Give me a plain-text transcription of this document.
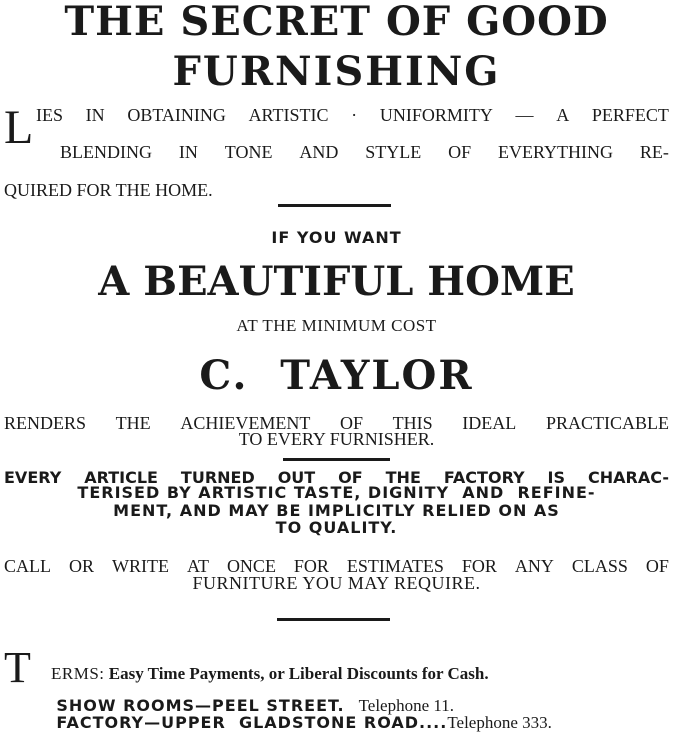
THE SECRET OF GOOD
FURNISHING
L IES IN OBTAINING ARTISTIC · UNIFORMITY — A PERFECT
BLENDING IN TONE AND STYLE OF EVERYTHING RE-
QUIRED FOR THE HOME.
IF YOU WANT
A BEAUTIFUL HOME
AT THE MINIMUM COST
C.  TAYLOR
RENDERS THE ACHIEVEMENT OF THIS IDEAL PRACTICABLE
TO EVERY FURNISHER.
EVERY ARTICLE TURNED OUT OF THE FACTORY IS CHARAC-
TERISED BY ARTISTIC TASTE, DIGNITY  AND  REFINE-
MENT, AND MAY BE IMPLICITLY RELIED ON AS
TO QUALITY.
CALL OR WRITE AT ONCE FOR ESTIMATES FOR ANY CLASS OF
FURNITURE YOU MAY REQUIRE.
T	ERMS: Easy Time Payments, or Liberal Discounts for Cash.

SHOW ROOMS—PEEL STREET. Telephone 11.

FACTORY—UPPER  GLADSTONE ROAD....Telephone 333.
